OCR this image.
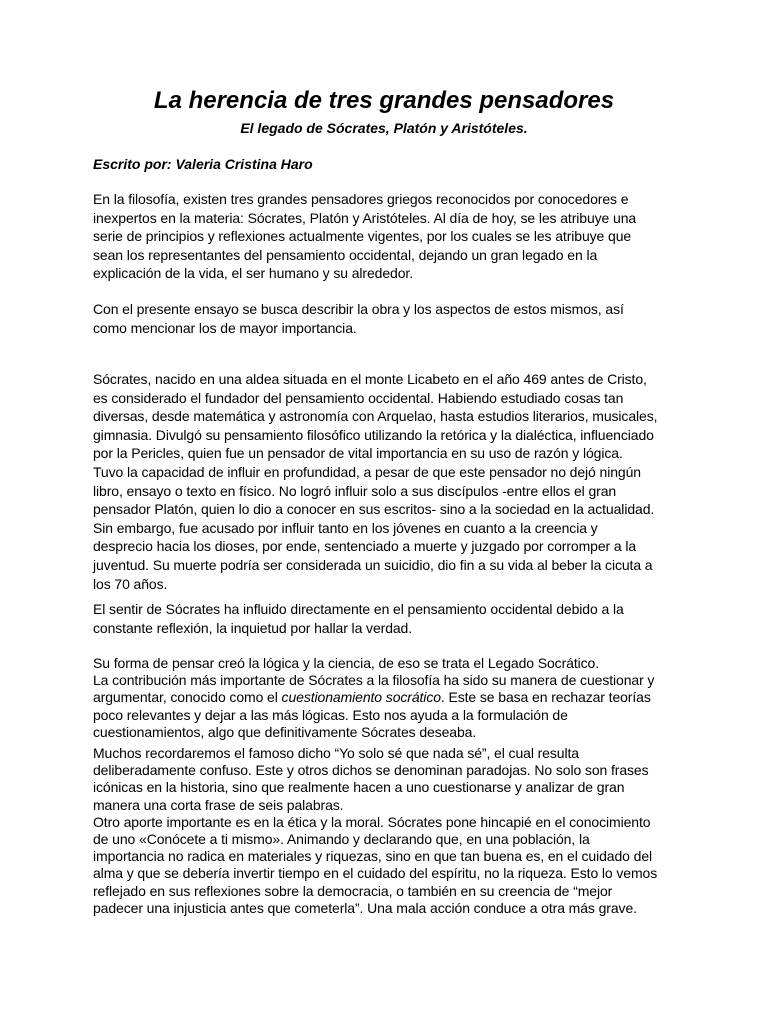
La herencia de tres grandes pensadores
El legado de Sócrates, Platón y Aristóteles.
Escrito por: Valeria Cristina Haro
En la filosofía, existen tres grandes pensadores griegos reconocidos por conocedores e
inexpertos en la materia: Sócrates, Platón y Aristóteles. Al día de hoy, se les atribuye una
serie de principios y reflexiones actualmente vigentes, por los cuales se les atribuye que
sean los representantes del pensamiento occidental, dejando un gran legado en la
explicación de la vida, el ser humano y su alrededor.
Con el presente ensayo se busca describir la obra y los aspectos de estos mismos, así
como mencionar los de mayor importancia.
Sócrates, nacido en una aldea situada en el monte Licabeto en el año 469 antes de Cristo,
es considerado el fundador del pensamiento occidental. Habiendo estudiado cosas tan
diversas, desde matemática y astronomía con Arquelao, hasta estudios literarios, musicales,
gimnasia. Divulgó su pensamiento filosófico utilizando la retórica y la dialéctica, influenciado
por la Pericles, quien fue un pensador de vital importancia en su uso de razón y lógica.
Tuvo la capacidad de influir en profundidad, a pesar de que este pensador no dejó ningún
libro, ensayo o texto en físico. No logró influir solo a sus discípulos -entre ellos el gran
pensador Platón, quien lo dio a conocer en sus escritos- sino a la sociedad en la actualidad.
Sin embargo, fue acusado por influir tanto en los jóvenes en cuanto a la creencia y
desprecio hacia los dioses, por ende, sentenciado a muerte y juzgado por corromper a la
juventud. Su muerte podría ser considerada un suicidio, dio fin a su vida al beber la cicuta a
los 70 años.
El sentir de Sócrates ha influido directamente en el pensamiento occidental debido a la
constante reflexión, la inquietud por hallar la verdad.
Su forma de pensar creó la lógica y la ciencia, de eso se trata el Legado Socrático.
La contribución más importante de Sócrates a la filosofía ha sido su manera de cuestionar y
argumentar, conocido como el cuestionamiento socrático. Este se basa en rechazar teorías
poco relevantes y dejar a las más lógicas. Esto nos ayuda a la formulación de
cuestionamientos, algo que definitivamente Sócrates deseaba.
Muchos recordaremos el famoso dicho “Yo solo sé que nada sé”, el cual resulta
deliberadamente confuso. Este y otros dichos se denominan paradojas. No solo son frases
icónicas en la historia, sino que realmente hacen a uno cuestionarse y analizar de gran
manera una corta frase de seis palabras.
Otro aporte importante es en la ética y la moral. Sócrates pone hincapié en el conocimiento
de uno «Conócete a ti mismo». Animando y declarando que, en una población, la
importancia no radica en materiales y riquezas, sino en que tan buena es, en el cuidado del
alma y que se debería invertir tiempo en el cuidado del espíritu, no la riqueza. Esto lo vemos
reflejado en sus reflexiones sobre la democracia, o también en su creencia de “mejor
padecer una injusticia antes que cometerla”. Una mala acción conduce a otra más grave.
